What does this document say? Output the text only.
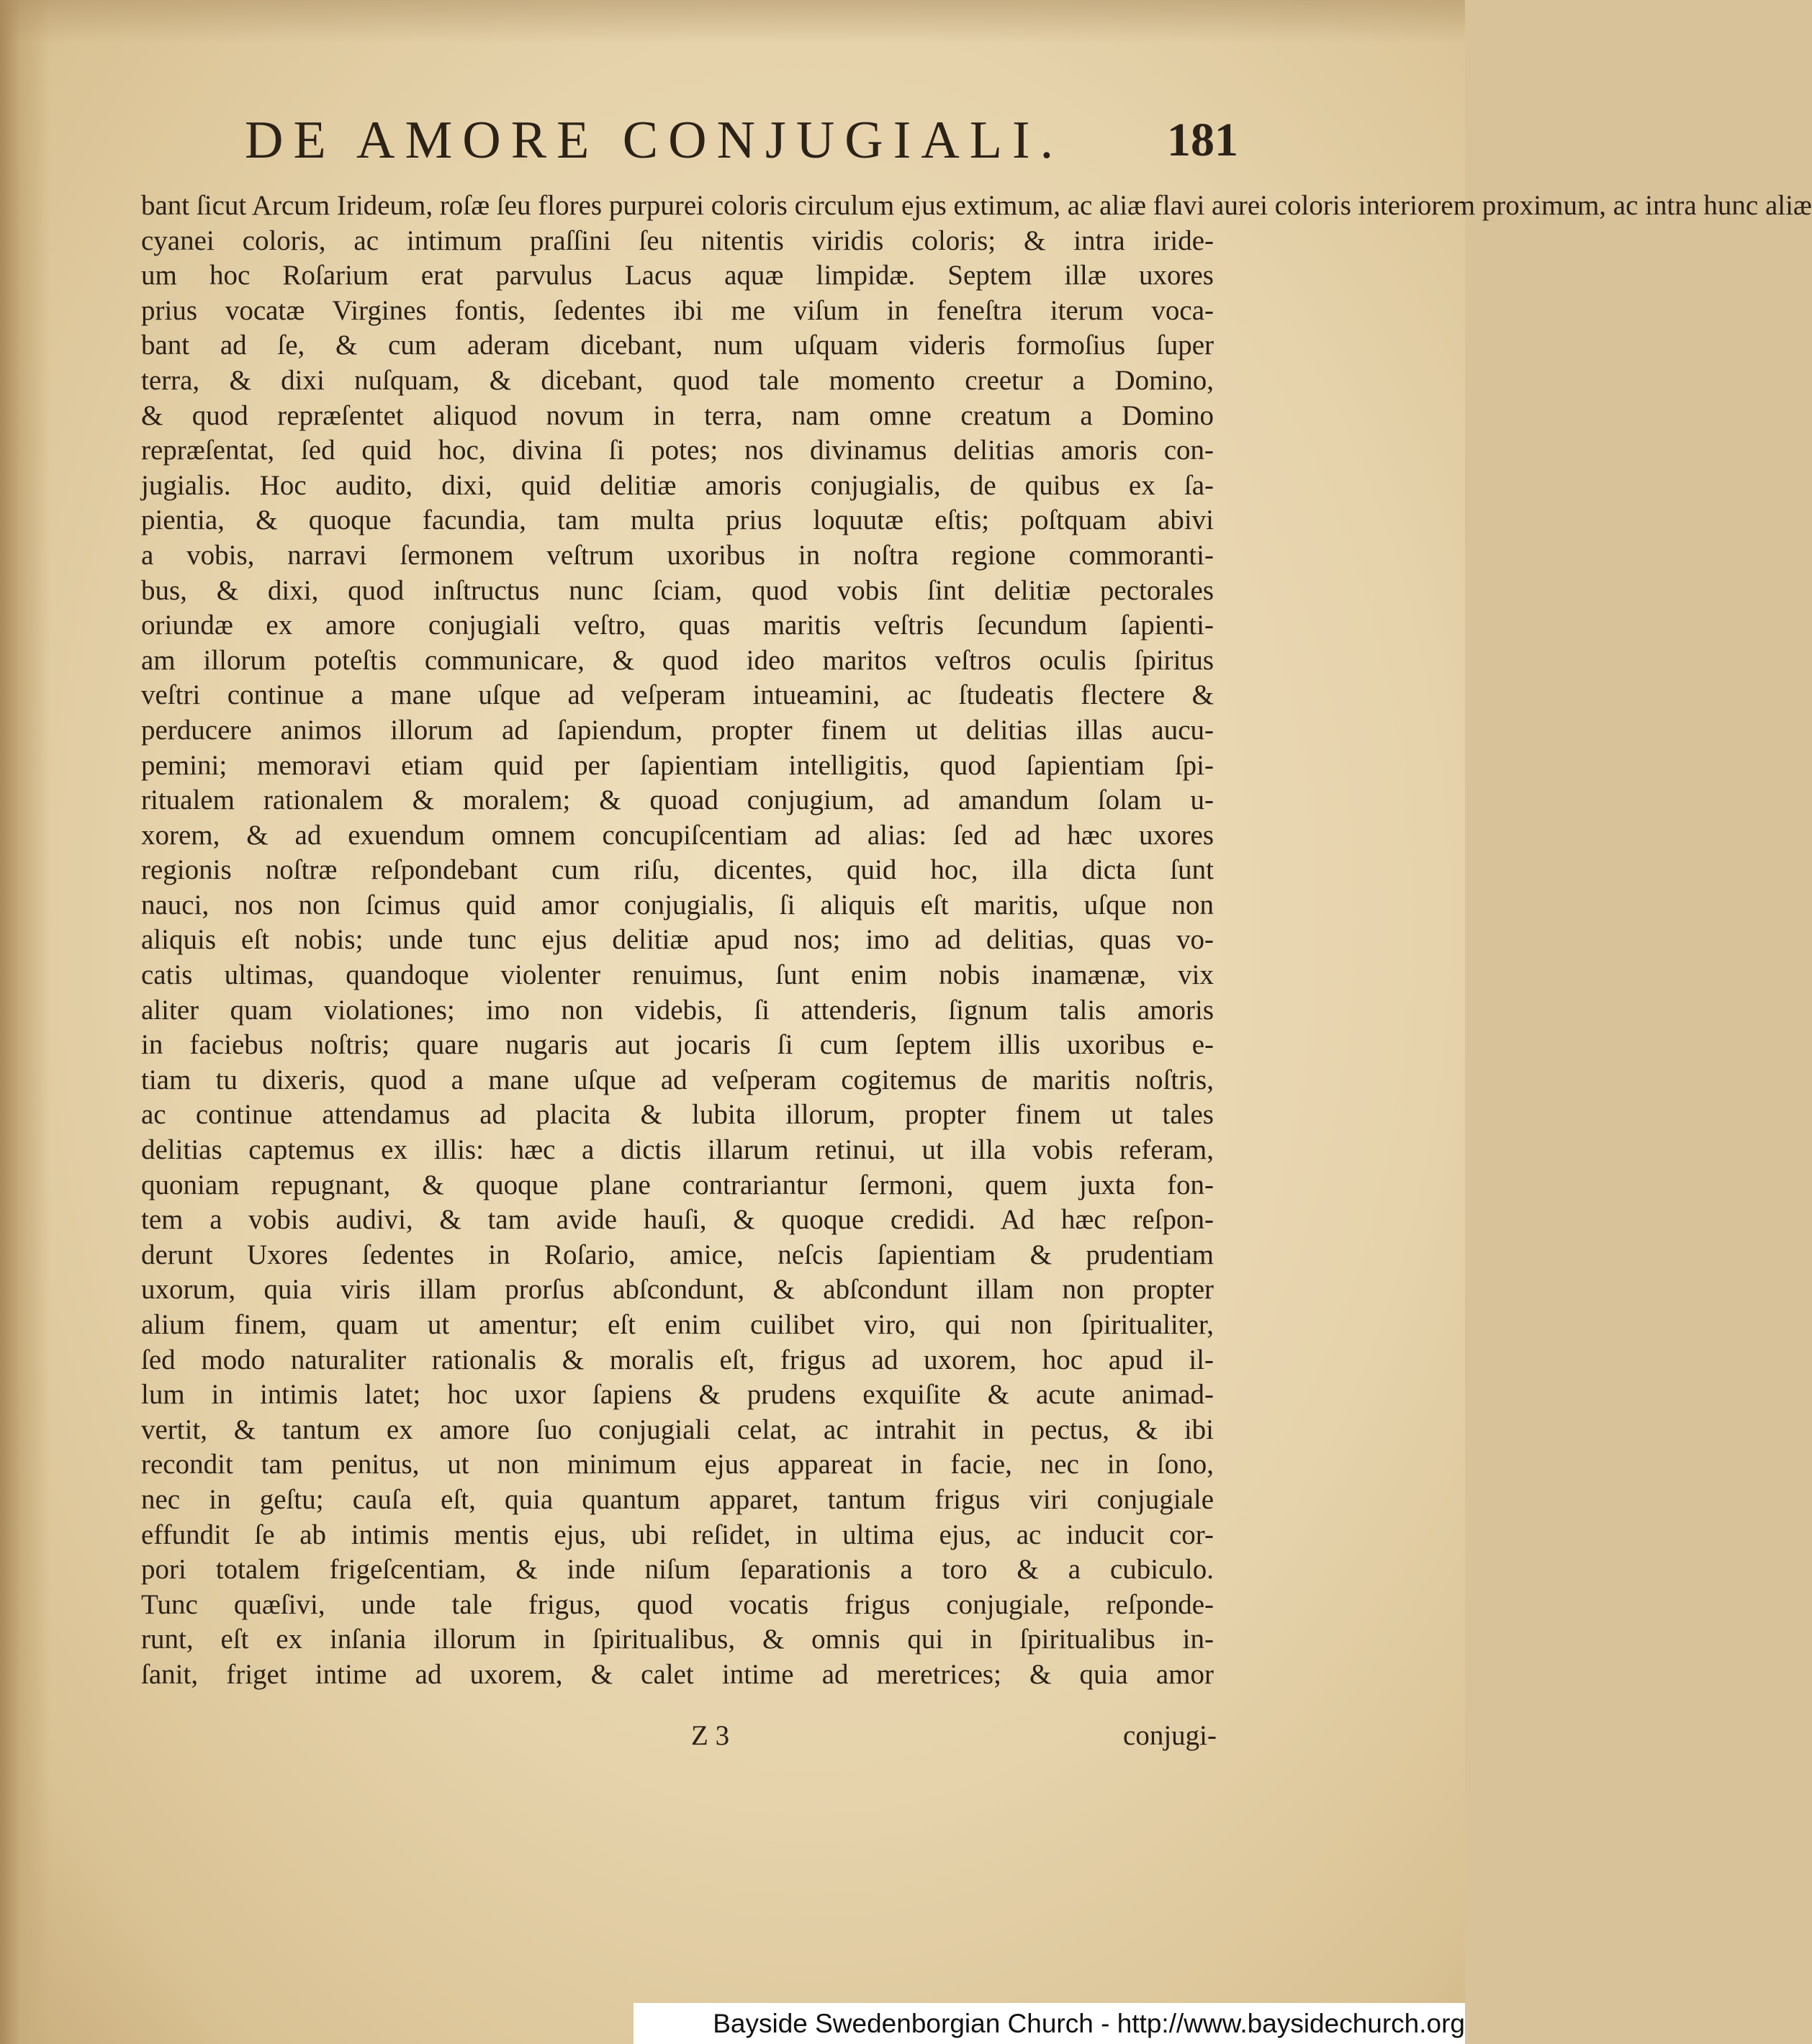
DE AMORE CONJUGIALI.	181
bant ſicut Arcum Irideum, roſæ ſeu flores purpurei coloris circulum ejus extimum, ac aliæ flavi aurei coloris interiorem proximum, ac intra hunc aliæ
cyanei coloris, ac intimum praſſini ſeu nitentis viridis coloris; & intra iride-
um hoc Roſarium erat parvulus Lacus aquæ limpidæ. Septem illæ uxores
prius vocatæ Virgines fontis, ſedentes ibi me viſum in feneſtra iterum voca-
bant ad ſe, & cum aderam dicebant, num uſquam videris formoſius ſuper
terra, & dixi nuſquam, & dicebant, quod tale momento creetur a Domino,
& quod repræſentet aliquod novum in terra, nam omne creatum a Domino
repræſentat, ſed quid hoc, divina ſi potes; nos divinamus delitias amoris con-
jugialis. Hoc audito, dixi, quid delitiæ amoris conjugialis, de quibus ex ſa-
pientia, & quoque facundia, tam multa prius loquutæ eſtis; poſtquam abivi
a vobis, narravi ſermonem veſtrum uxoribus in noſtra regione commoranti-
bus, & dixi, quod inſtructus nunc ſciam, quod vobis ſint delitiæ pectorales
oriundæ ex amore conjugiali veſtro, quas maritis veſtris ſecundum ſapienti-
am illorum poteſtis communicare, & quod ideo maritos veſtros oculis ſpiritus
veſtri continue a mane uſque ad veſperam intueamini, ac ſtudeatis flectere &
perducere animos illorum ad ſapiendum, propter finem ut delitias illas aucu-
pemini; memoravi etiam quid per ſapientiam intelligitis, quod ſapientiam ſpi-
ritualem rationalem & moralem; & quoad conjugium, ad amandum ſolam u-
xorem, & ad exuendum omnem concupiſcentiam ad alias: ſed ad hæc uxores
regionis noſtræ reſpondebant cum riſu, dicentes, quid hoc, illa dicta ſunt
nauci, nos non ſcimus quid amor conjugialis, ſi aliquis eſt maritis, uſque non
aliquis eſt nobis; unde tunc ejus delitiæ apud nos; imo ad delitias, quas vo-
catis ultimas, quandoque violenter renuimus, ſunt enim nobis inamænæ, vix
aliter quam violationes; imo non videbis, ſi attenderis, ſignum talis amoris
in faciebus noſtris; quare nugaris aut jocaris ſi cum ſeptem illis uxoribus e-
tiam tu dixeris, quod a mane uſque ad veſperam cogitemus de maritis noſtris,
ac continue attendamus ad placita & lubita illorum, propter finem ut tales
delitias captemus ex illis: hæc a dictis illarum retinui, ut illa vobis referam,
quoniam repugnant, & quoque plane contrariantur ſermoni, quem juxta fon-
tem a vobis audivi, & tam avide hauſi, & quoque credidi. Ad hæc reſpon-
derunt Uxores ſedentes in Roſario, amice, neſcis ſapientiam & prudentiam
uxorum, quia viris illam prorſus abſcondunt, & abſcondunt illam non propter
alium finem, quam ut amentur; eſt enim cuilibet viro, qui non ſpiritualiter,
ſed modo naturaliter rationalis & moralis eſt, frigus ad uxorem, hoc apud il-
lum in intimis latet; hoc uxor ſapiens & prudens exquiſite & acute animad-
vertit, & tantum ex amore ſuo conjugiali celat, ac intrahit in pectus, & ibi
recondit tam penitus, ut non minimum ejus appareat in facie, nec in ſono,
nec in geſtu; cauſa eſt, quia quantum apparet, tantum frigus viri conjugiale
effundit ſe ab intimis mentis ejus, ubi reſidet, in ultima ejus, ac inducit cor-
pori totalem frigeſcentiam, & inde niſum ſeparationis a toro & a cubiculo.
Tunc quæſivi, unde tale frigus, quod vocatis frigus conjugiale, reſponde-
runt, eſt ex inſania illorum in ſpiritualibus, & omnis qui in ſpiritualibus in-
ſanit, friget intime ad uxorem, & calet intime ad meretrices; & quia amor
Z 3	conjugi-
Bayside Swedenborgian Church - http://www.baysidechurch.org
